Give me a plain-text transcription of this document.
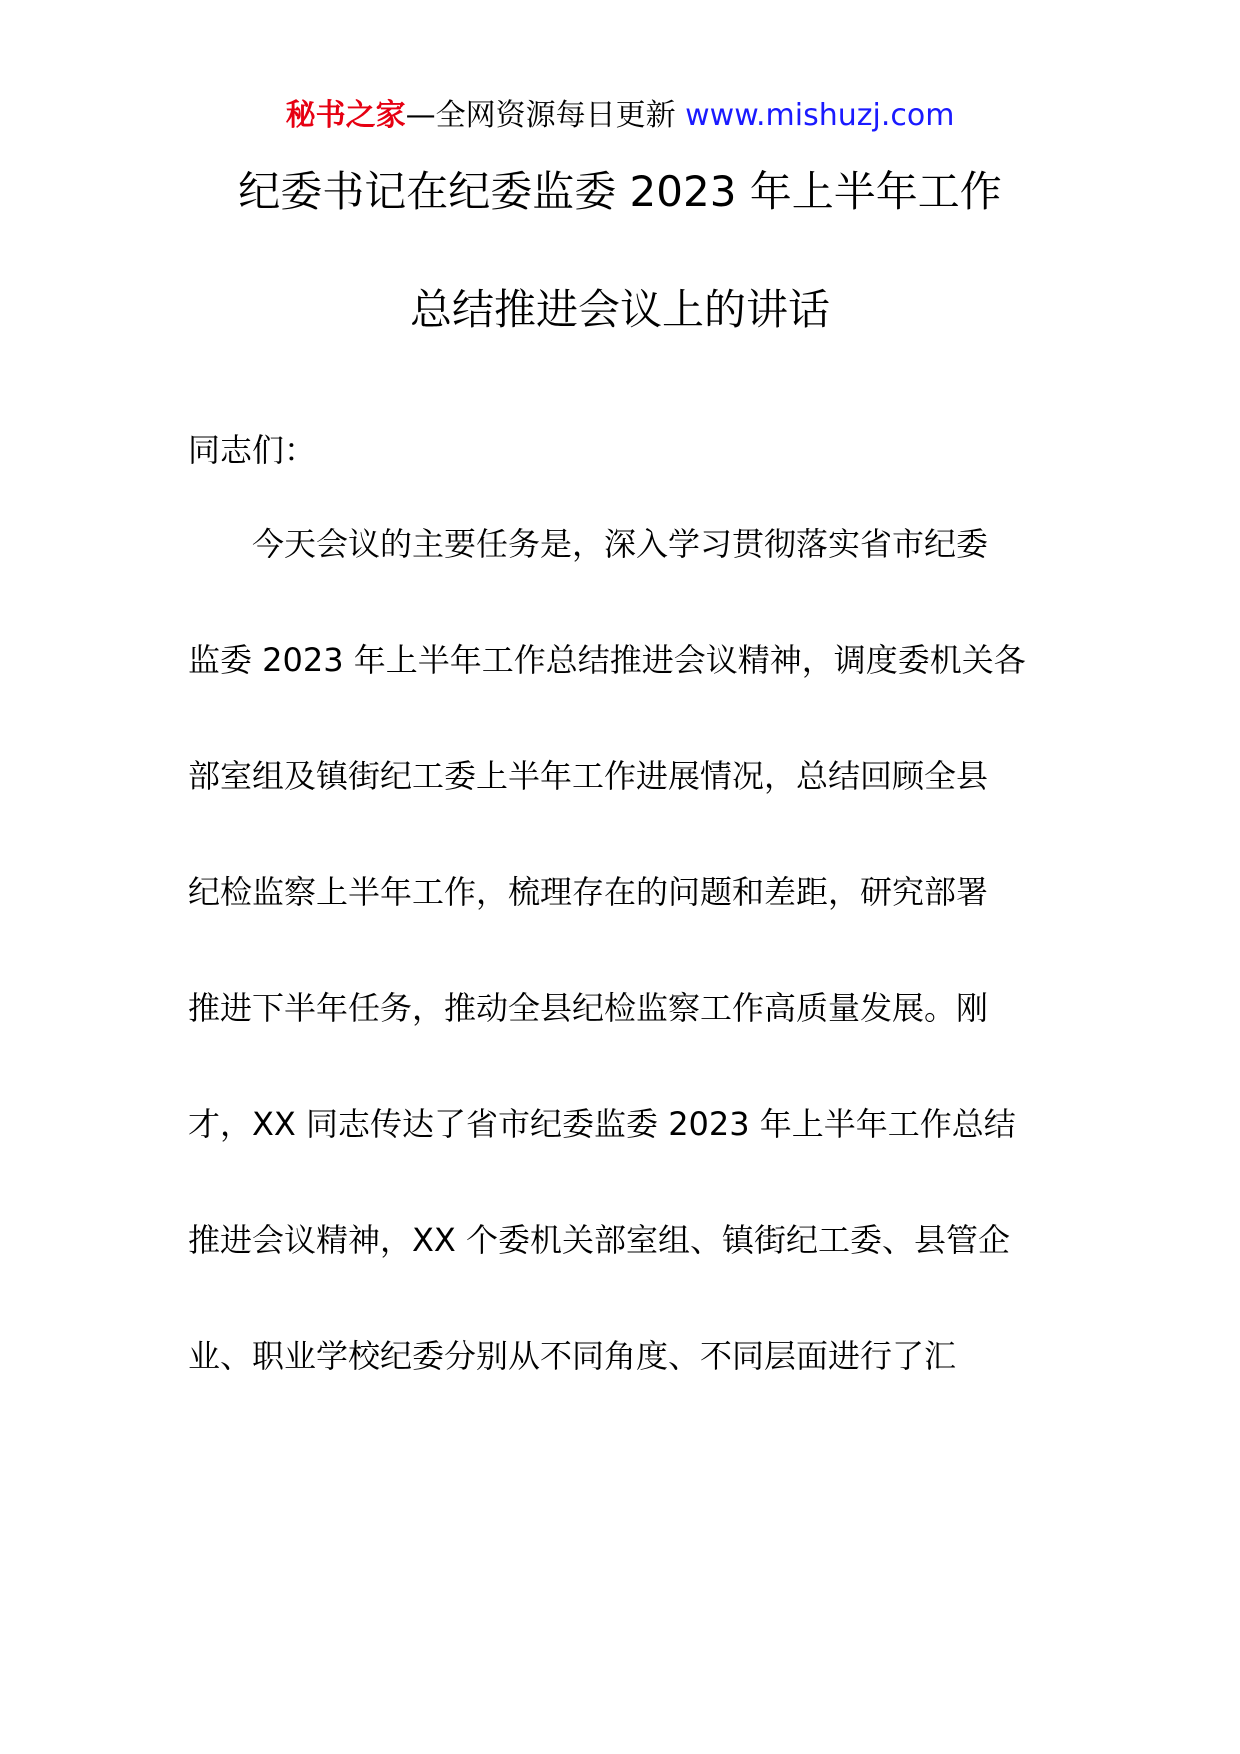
秘书之家—全网资源每日更新 www.mishuzj.com
纪委书记在纪委监委 2023 年上半年工作
总结推进会议上的讲话
同志们：
今天会议的主要任务是，深入学习贯彻落实省市纪委
监委 2023 年上半年工作总结推进会议精神，调度委机关各
部室组及镇街纪工委上半年工作进展情况，总结回顾全县
纪检监察上半年工作，梳理存在的问题和差距，研究部署
推进下半年任务，推动全县纪检监察工作高质量发展。刚
才，XX 同志传达了省市纪委监委 2023 年上半年工作总结
推进会议精神，XX 个委机关部室组、镇街纪工委、县管企
业、职业学校纪委分别从不同角度、不同层面进行了汇
